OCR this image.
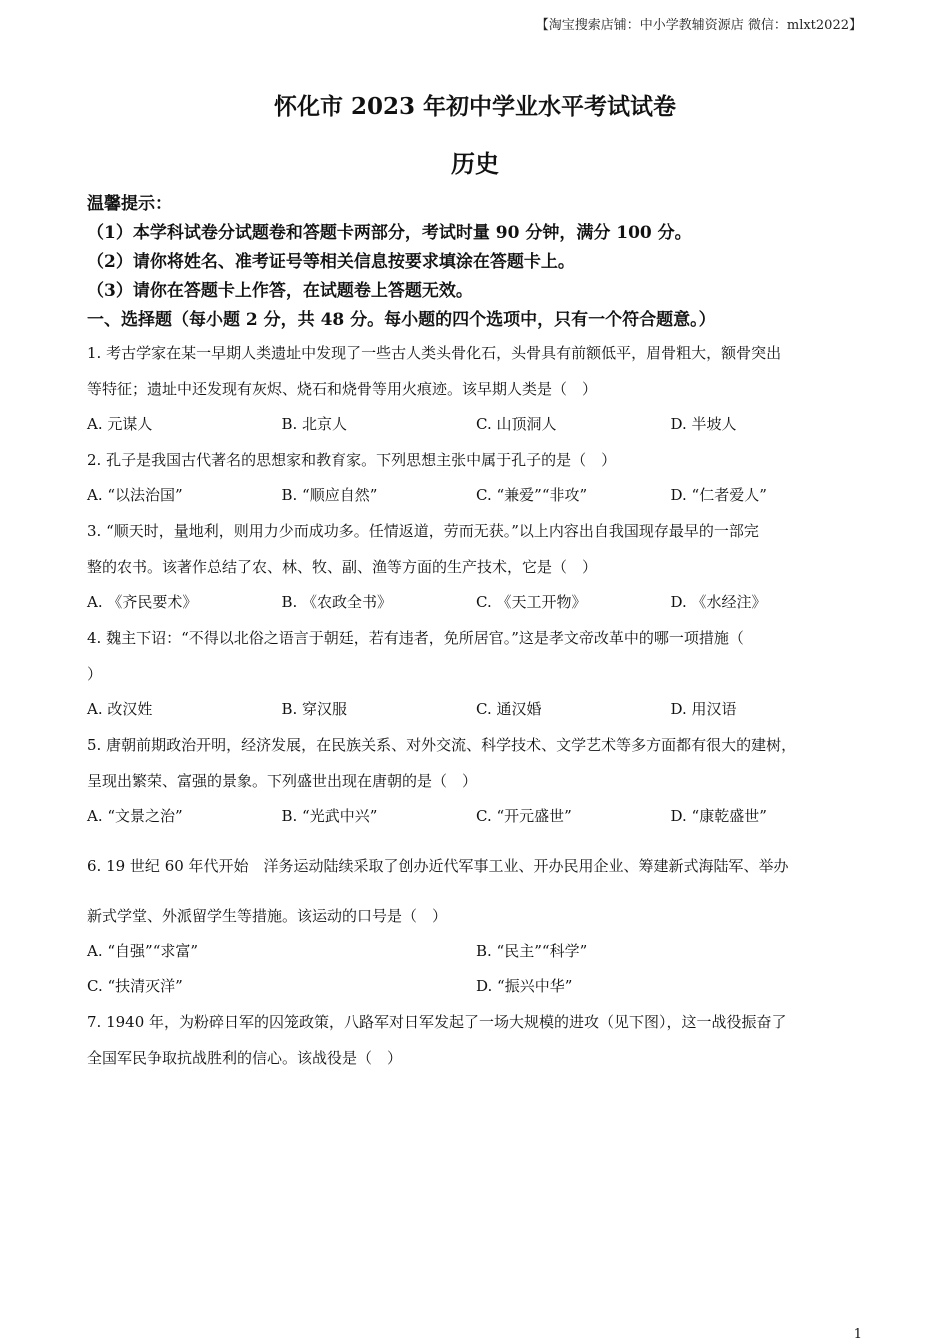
【淘宝搜索店铺：中小学教辅资源店 微信：mlxt2022】
怀化市 2023 年初中学业水平考试试卷
历史
温馨提示：
（1）本学科试卷分试题卷和答题卡两部分，考试时量 90 分钟，满分 100 分。
（2）请你将姓名、准考证号等相关信息按要求填涂在答题卡上。
（3）请你在答题卡上作答，在试题卷上答题无效。
一、选择题（每小题 2 分，共 48 分。每小题的四个选项中，只有一个符合题意。）
1. 考古学家在某一早期人类遗址中发现了一些古人类头骨化石，头骨具有前额低平，眉骨粗大，额骨突出
等特征；遗址中还发现有灰烬、烧石和烧骨等用火痕迹。该早期人类是（　）
A. 元谋人	B. 北京人	C. 山顶洞人	D. 半坡人
2. 孔子是我国古代著名的思想家和教育家。下列思想主张中属于孔子的是（　）
A. “以法治国”	B. “顺应自然”	C. “兼爱”“非攻”	D. “仁者爱人”
3. “顺天时，量地利，则用力少而成功多。任情返道，劳而无获。”以上内容出自我国现存最早的一部完
整的农书。该著作总结了农、林、牧、副、渔等方面的生产技术，它是（　）
A. 《齐民要术》	B. 《农政全书》	C. 《天工开物》	D. 《水经注》
4. 魏主下诏：“不得以北俗之语言于朝廷，若有违者，免所居官。”这是孝文帝改革中的哪一项措施（
）
A. 改汉姓	B. 穿汉服	C. 通汉婚	D. 用汉语
5. 唐朝前期政治开明，经济发展，在民族关系、对外交流、科学技术、文学艺术等多方面都有很大的建树，
呈现出繁荣、富强的景象。下列盛世出现在唐朝的是（　）
A. “文景之治”	B. “光武中兴”	C. “开元盛世”	D. “康乾盛世”
6. 19 世纪 60 年代开始　洋务运动陆续采取了创办近代军事工业、开办民用企业、筹建新式海陆军、举办
新式学堂、外派留学生等措施。该运动的口号是（　）
A. “自强”“求富”	B. “民主”“科学”
C. “扶清灭洋”	D. “振兴中华”
7. 1940 年，为粉碎日军的囚笼政策，八路军对日军发起了一场大规模的进攻（见下图），这一战役振奋了
全国军民争取抗战胜利的信心。该战役是（　）
1
